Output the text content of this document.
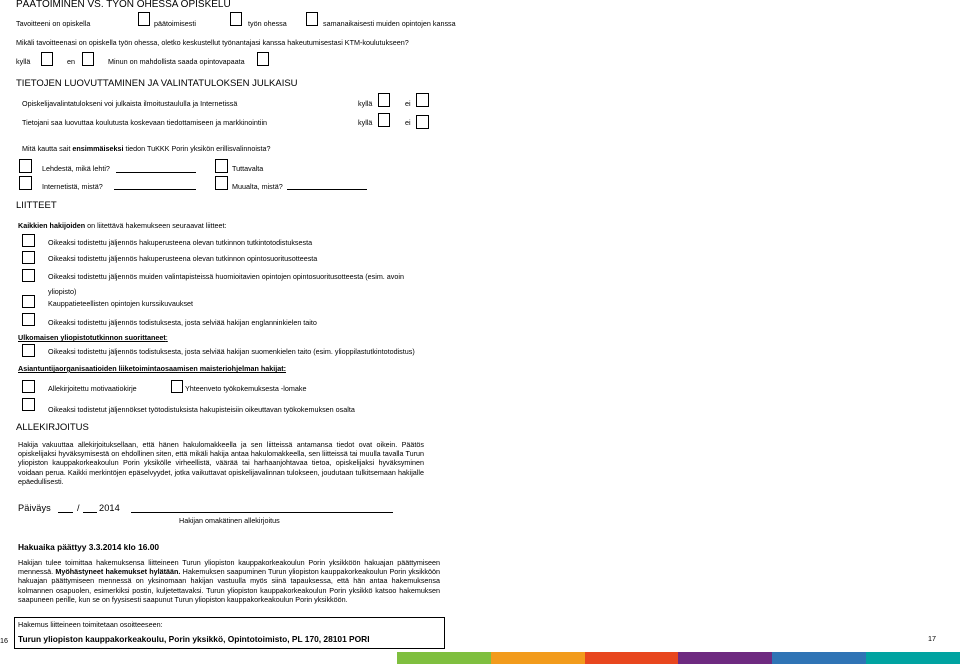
PÄÄTOIMINEN VS. TYÖN OHESSA OPISKELU
Tavoitteeni on opiskella	päätoimisesti	työn ohessa	samanaikaisesti muiden opintojen kanssa
Mikäli tavoitteenasi on opiskella työn ohessa, oletko keskustellut työnantajasi kanssa hakeutumisestasi KTM-koulutukseen?
kyllä	en	Minun on mahdollista saada opintovapaata
TIETOJEN LUOVUTTAMINEN JA VALINTATULOKSEN JULKAISU
Opiskelijavalintatulokseni voi julkaista ilmoitustaululla ja Internetissä	kyllä	ei
Tietojani saa luovuttaa koulutusta koskevaan tiedottamiseen ja markkinointiin	kyllä	ei
Mitä kautta sait ensimmäiseksi tiedon TuKKK Porin yksikön erillisvalinnoista?
Lehdestä, mikä lehti?	Tuttavalta
Internetistä, mistä?	Muualta, mistä?
LIITTEET
Kaikkien hakijoiden on liitettävä hakemukseen seuraavat liitteet:
Oikeaksi todistettu jäljennös hakuperusteena olevan tutkinnon tutkintotodistuksesta
Oikeaksi todistettu jäljennös hakuperusteena olevan tutkinnon opintosuoritusotteesta
Oikeaksi todistettu jäljennös muiden valintapisteissä huomioitavien opintojen opintosuoritusotteesta (esim. avoin
yliopisto)
Kauppatieteellisten opintojen kurssikuvaukset
Oikeaksi todistettu jäljennös todistuksesta, josta selviää hakijan englanninkielen taito
Ulkomaisen yliopistotutkinnon suorittaneet:
Oikeaksi todistettu jäljennös todistuksesta, josta selviää hakijan suomenkielen taito (esim. ylioppilastutkintotodistus)
Asiantuntijaorganisaatioiden liiketoimintaosaamisen maisteriohjelman hakijat:
Allekirjoitettu motivaatiokirje	Yhteenveto työkokemuksesta -lomake
Oikeaksi todistetut jäljennökset työtodistuksista hakupisteisiin oikeuttavan työkokemuksen osalta
ALLEKIRJOITUS
Hakija vakuuttaa allekirjoituksellaan, että hänen hakulomakkeella ja sen liitteissä antamansa tiedot ovat oikein. Päätös opiskelijaksi hyväksymisestä on ehdollinen siten, että mikäli hakija antaa hakulomakkeella, sen liitteissä tai muulla tavalla Turun yliopiston kauppakorkeakoulun Porin yksikölle virheellistä, väärää tai harhaanjohtavaa tietoa, opiskelijaksi hyväksyminen voidaan perua. Kaikki merkintöjen epäselvyydet, jotka vaikuttavat opiskelijavalinnan tulokseen, joudutaan tulkitsemaan hakijalle epäedullisesti.
Päiväys	/ 2014
Hakijan omakätinen allekirjoitus
Hakuaika päättyy 3.3.2014 klo 16.00
Hakijan tulee toimittaa hakemuksensa liitteineen Turun yliopiston kauppakorkeakoulun Porin yksikköön hakuajan päättymiseen mennessä. Myöhästyneet hakemukset hylätään. Hakemuksen saapuminen Turun yliopiston kauppakorkeakoulun Porin yksikköön hakuajan päättymiseen mennessä on yksinomaan hakijan vastuulla myös siinä tapauksessa, että hän antaa hakemuksensa kolmannen osapuolen, esimerkiksi postin, kuljetettavaksi. Turun yliopiston kauppakorkeakoulun Porin yksikkö katsoo hakemuksen saapuneen perille, kun se on fyysisesti saapunut Turun yliopiston kauppakorkeakoulun Porin yksikköön.
16
Hakemus liitteineen toimitetaan osoitteeseen:
Turun yliopiston kauppakorkeakoulu, Porin yksikkö, Opintotoimisto, PL 170, 28101 PORI	17
